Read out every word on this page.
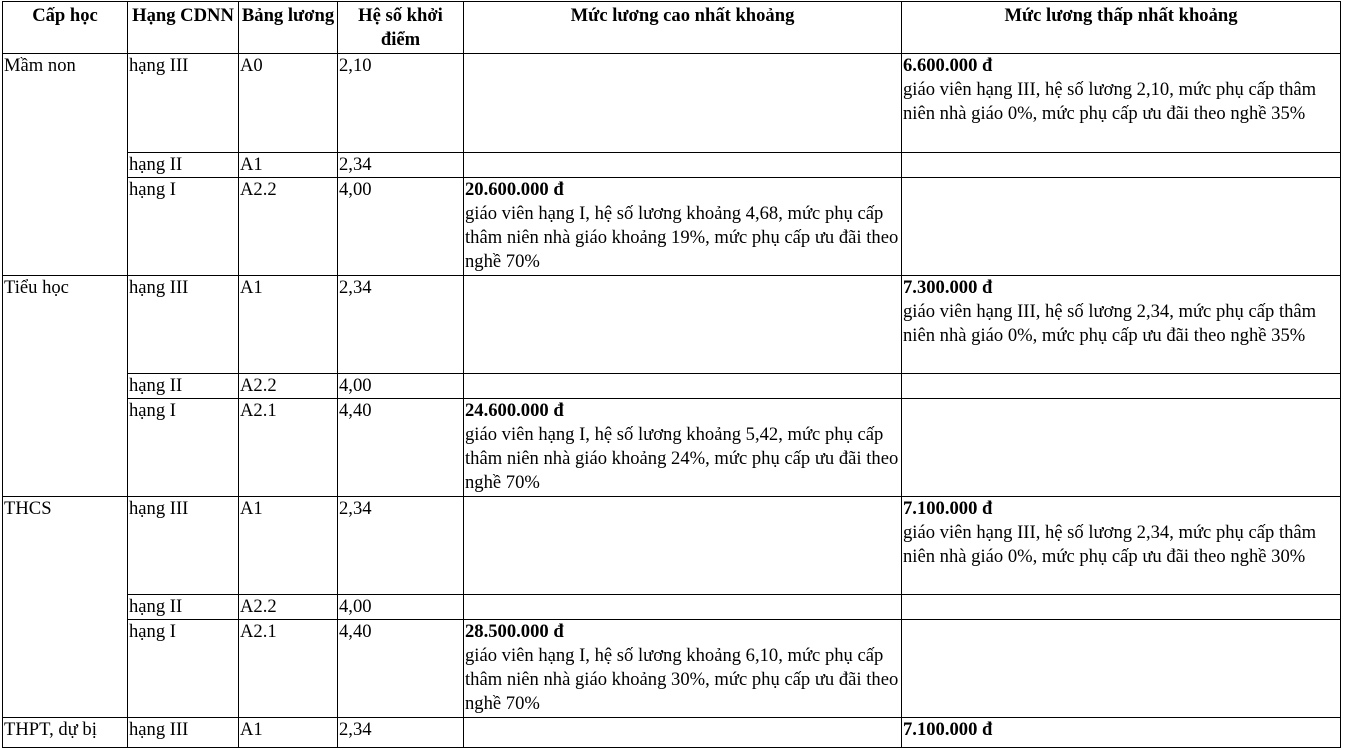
Cấp học	Hạng CDNN	Bảng lương	Hệ số khởi điểm	Mức lương cao nhất khoảng	Mức lương thấp nhất khoảng
Mầm non	hạng III	A0	2,10		6.600.000 đ
giáo viên hạng III, hệ số lương 2,10, mức phụ cấp thâm niên nhà giáo 0%, mức phụ cấp ưu đãi theo nghề 35%

	hạng II	A1	2,34		
	hạng I	A2.2	4,00	20.600.000 đ
giáo viên hạng I, hệ số lương khoảng 4,68, mức phụ cấp thâm niên nhà giáo khoảng 19%, mức phụ cấp ưu đãi theo nghề 70%	

Tiểu học	hạng III	A1	2,34		7.300.000 đ
giáo viên hạng III, hệ số lương 2,34, mức phụ cấp thâm niên nhà giáo 0%, mức phụ cấp ưu đãi theo nghề 35%

	hạng II	A2.2	4,00		
	hạng I	A2.1	4,40	24.600.000 đ
giáo viên hạng I, hệ số lương khoảng 5,42, mức phụ cấp thâm niên nhà giáo khoảng 24%, mức phụ cấp ưu đãi theo nghề 70%	

THCS	hạng III	A1	2,34		7.100.000 đ
giáo viên hạng III, hệ số lương 2,34, mức phụ cấp thâm niên nhà giáo 0%, mức phụ cấp ưu đãi theo nghề 30%

	hạng II	A2.2	4,00		
	hạng I	A2.1	4,40	28.500.000 đ
giáo viên hạng I, hệ số lương khoảng 6,10, mức phụ cấp thâm niên nhà giáo khoảng 30%, mức phụ cấp ưu đãi theo nghề 70%	

THPT, dự bị	hạng III	A1	2,34		7.100.000 đ
